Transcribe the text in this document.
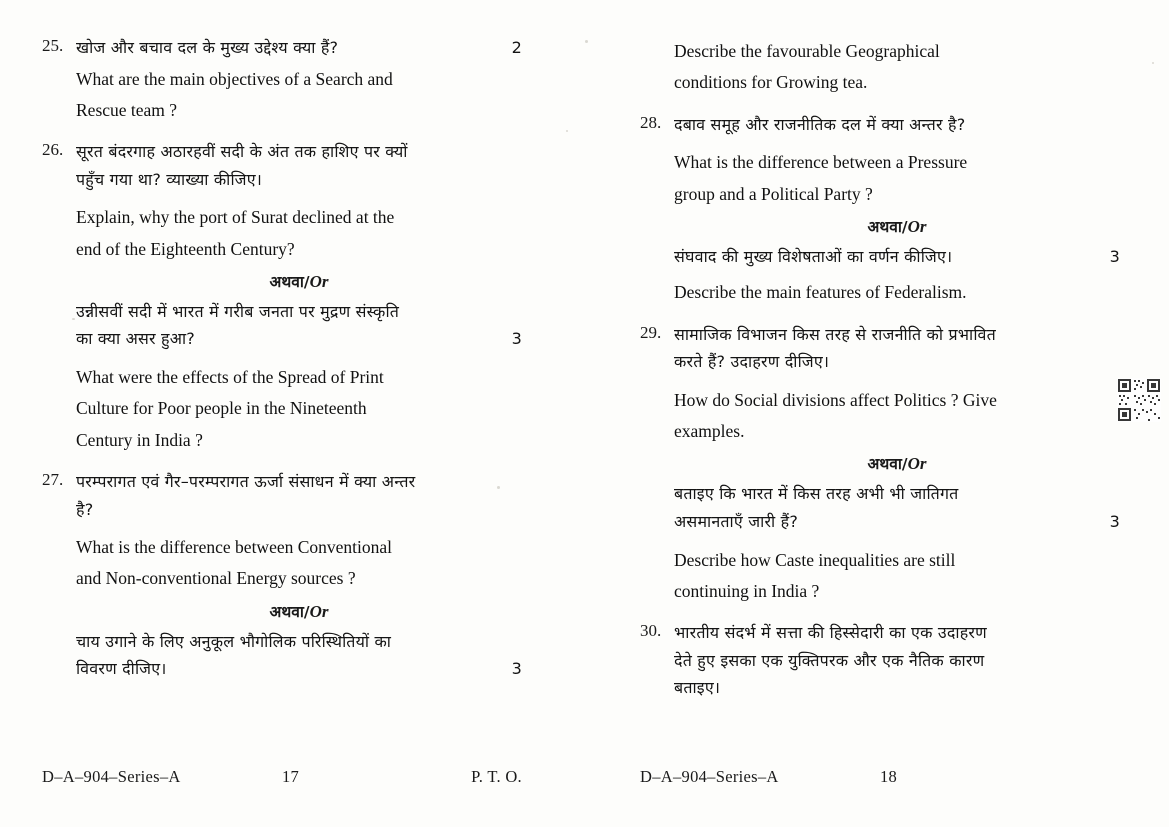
25. खोज और बचाव दल के मुख्य उद्देश्य क्या हैं?	2
What are the main objectives of a Search and
Rescue team ?
26. सूरत बंदरगाह अठारहवीं सदी के अंत तक हाशिए पर क्यों
पहुँच गया था? व्याख्या कीजिए।
Explain, why the port of Surat declined at the
end of the Eighteenth Century?
अथवा/Or
उन्नीसवीं सदी में भारत में गरीब जनता पर मुद्रण संस्कृति
का क्या असर हुआ?	3
What were the effects of the Spread of Print
Culture for Poor people in the Nineteenth
Century in India ?
27. परम्परागत एवं गैर–परम्परागत ऊर्जा संसाधन में क्या अन्तर
है?
What is the difference between Conventional
and Non-conventional Energy sources ?
अथवा/Or
चाय उगाने के लिए अनुकूल भौगोलिक परिस्थितियों का
विवरण दीजिए।	3
Describe the favourable Geographical
conditions for Growing tea.
28. दबाव समूह और राजनीतिक दल में क्या अन्तर है?
What is the difference between a Pressure
group and a Political Party ?
अथवा/Or
संघवाद की मुख्य विशेषताओं का वर्णन कीजिए।	3
Describe the main features of Federalism.
29. सामाजिक विभाजन किस तरह से राजनीति को प्रभावित
करते हैं? उदाहरण दीजिए।
How do Social divisions affect Politics ? Give
examples.
अथवा/Or
बताइए कि भारत में किस तरह अभी भी जातिगत
असमानताएँ जारी हैं?	3
Describe how Caste inequalities are still
continuing in India ?
30. भारतीय संदर्भ में सत्ता की हिस्सेदारी का एक उदाहरण
देते हुए इसका एक युक्तिपरक और एक नैतिक कारण
बताइए।
D–A–904–Series–A	17	P. T. O.	D–A–904–Series–A	18
